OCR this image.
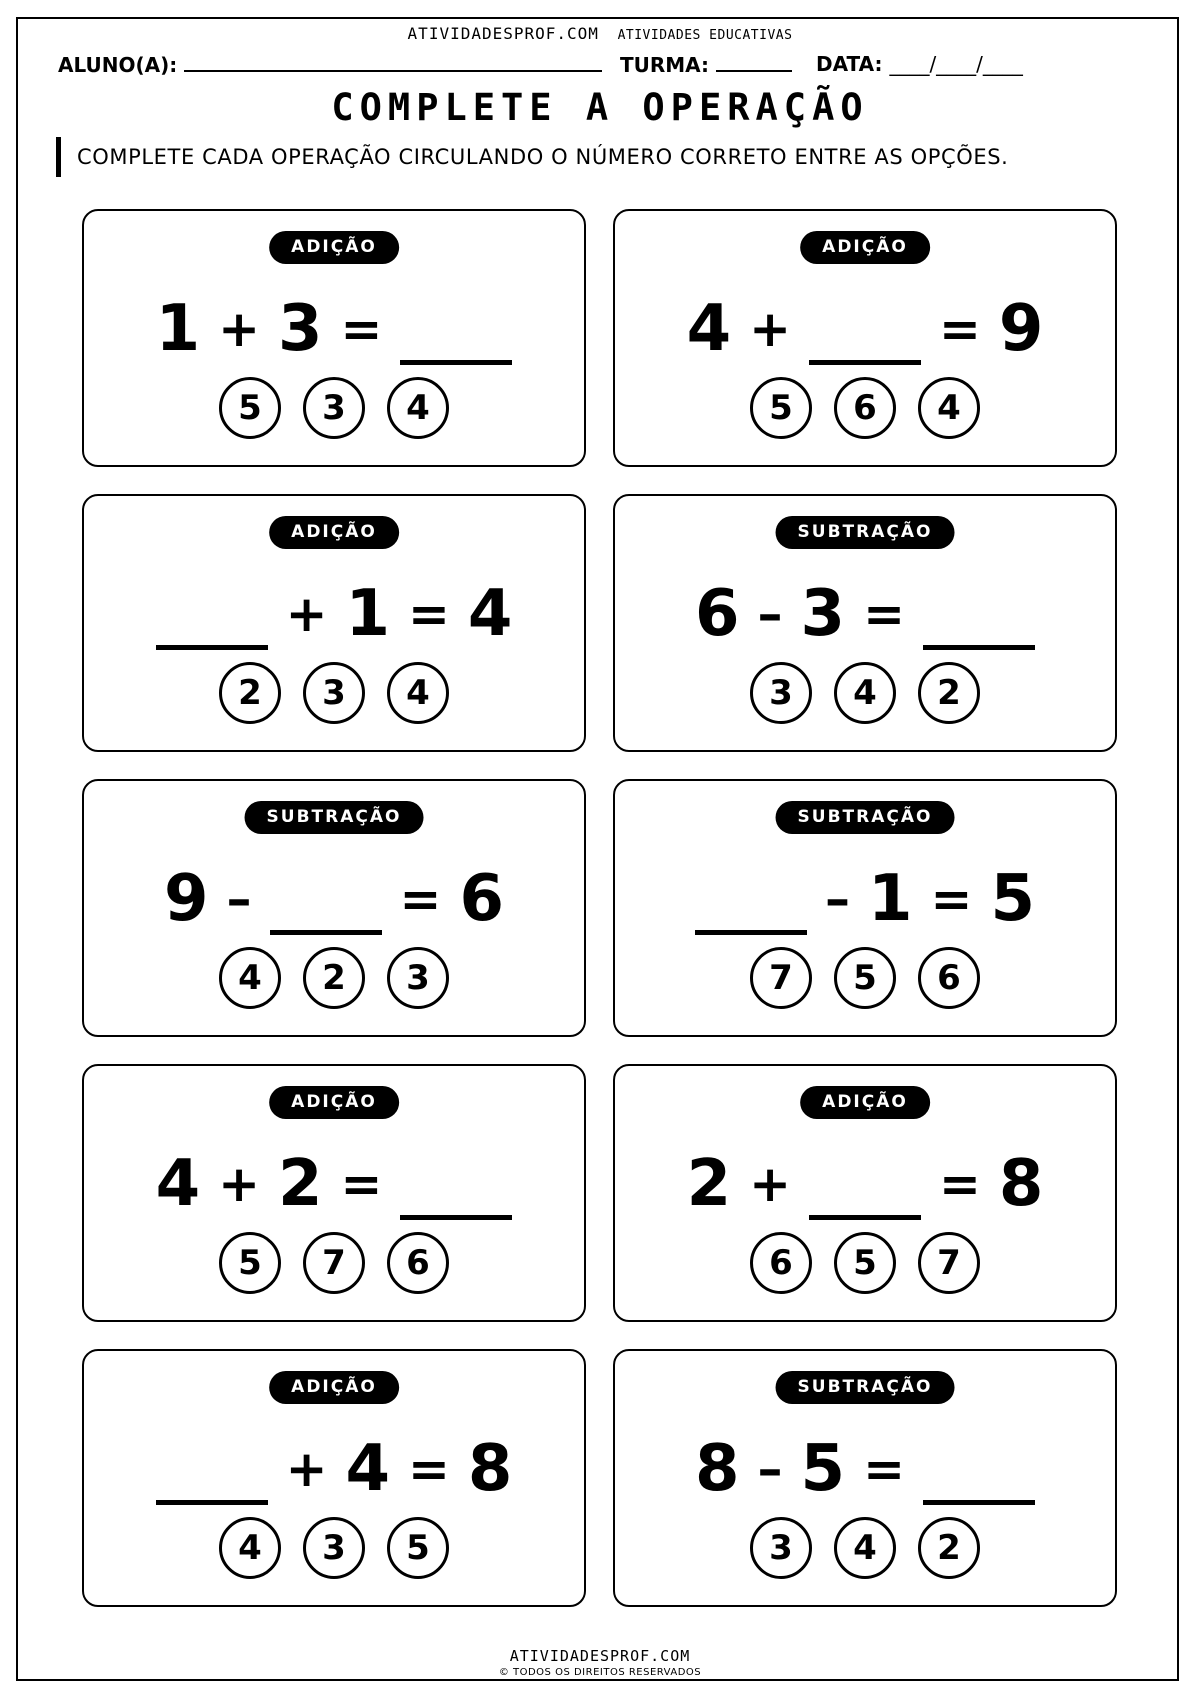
ATIVIDADESPROF.COM ATIVIDADES EDUCATIVAS
ALUNO(A):	TURMA:	DATA: ____/____/____
COMPLETE A OPERAÇÃO
COMPLETE CADA OPERAÇÃO CIRCULANDO O NÚMERO CORRETO ENTRE AS OPÇÕES.
ADIÇÃO
1 + 3 =
5	3	4
ADIÇÃO
4 +	= 9
5	6	4
ADIÇÃO
+ 1 = 4
2	3	4
SUBTRAÇÃO
6 – 3 =
3	4	2
SUBTRAÇÃO
9 –	= 6
4	2	3
SUBTRAÇÃO
– 1 = 5
7	5	6
ADIÇÃO
4 + 2 =
5	7	6
ADIÇÃO
2 +	= 8
6	5	7
ADIÇÃO
+ 4 = 8
4	3	5
SUBTRAÇÃO
8 – 5 =
3	4	2
ATIVIDADESPROF.COM
© TODOS OS DIREITOS RESERVADOS
